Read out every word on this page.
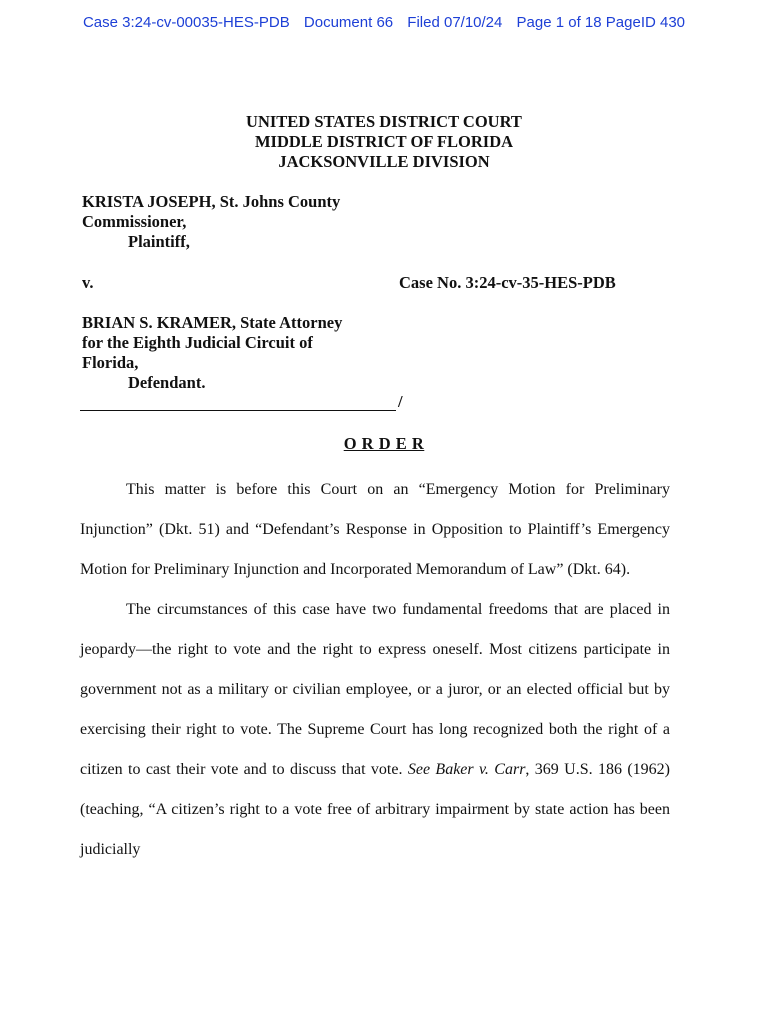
Case 3:24-cv-00035-HES-PDB Document 66 Filed 07/10/24 Page 1 of 18 PageID 430
UNITED STATES DISTRICT COURT
MIDDLE DISTRICT OF FLORIDA
JACKSONVILLE DIVISION
KRISTA JOSEPH, St. Johns County
Commissioner,
Plaintiff,
v.	Case No. 3:24-cv-35-HES-PDB
BRIAN S. KRAMER, State Attorney
for the Eighth Judicial Circuit of
Florida,
Defendant.
/
O R D E R

This matter is before this Court on an “Emergency Motion for Preliminary Injunction” (Dkt. 51) and “Defendant’s Response in Opposition to Plaintiff’s Emergency Motion for Preliminary Injunction and Incorporated Memorandum of Law” (Dkt. 64).

The circumstances of this case have two fundamental freedoms that are placed in jeopardy—the right to vote and the right to express oneself. Most citizens participate in government not as a military or civilian employee, or a juror, or an elected official but by exercising their right to vote. The Supreme Court has long recognized both the right of a citizen to cast their vote and to discuss that vote. See Baker v. Carr, 369 U.S. 186 (1962) (teaching, “A citizen’s right to a vote free of arbitrary impairment by state action has been judicially
